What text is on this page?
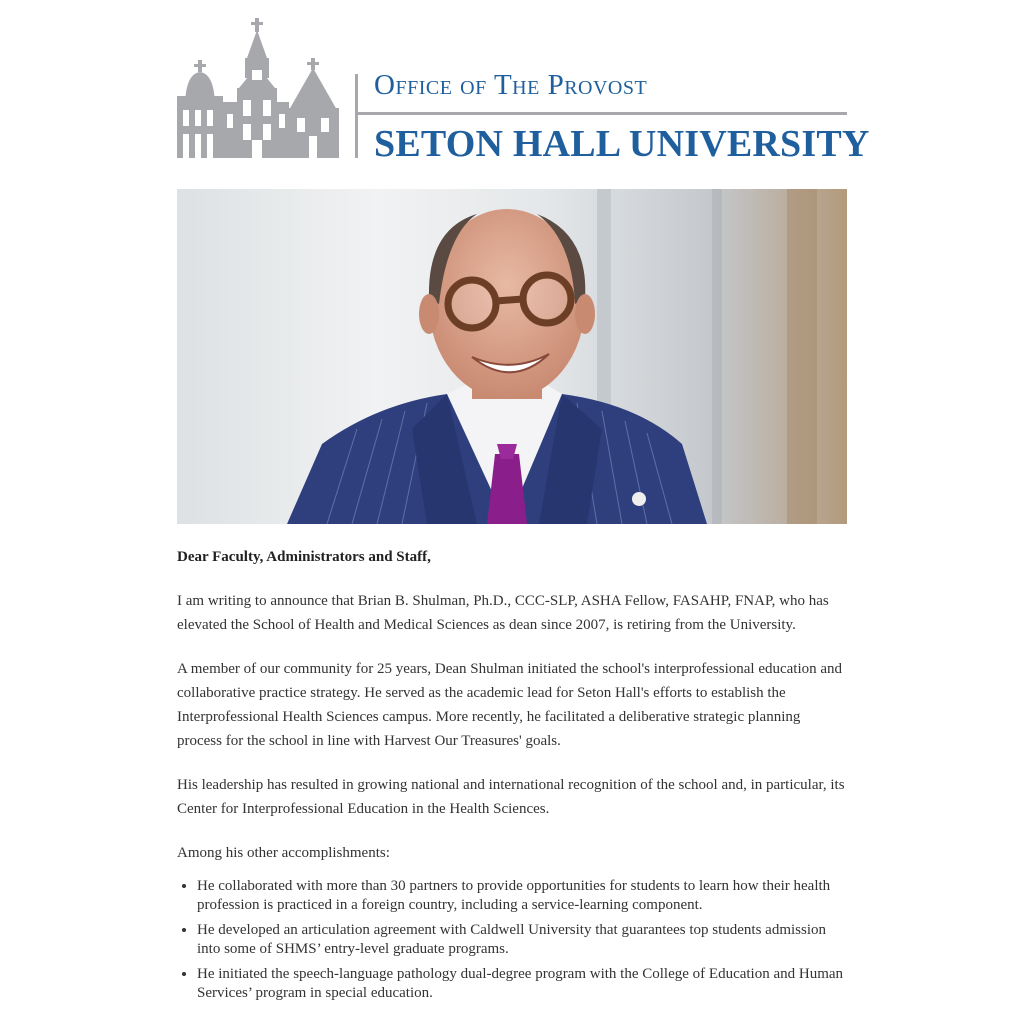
Office of The Provost
SETON HALL UNIVERSITY

Dear Faculty, Administrators and Staff,

I am writing to announce that Brian B. Shulman, Ph.D., CCC-SLP, ASHA Fellow, FASAHP, FNAP, who has elevated the School of Health and Medical Sciences as dean since 2007, is retiring from the University.

A member of our community for 25 years, Dean Shulman initiated the school's interprofessional education and collaborative practice strategy. He served as the academic lead for Seton Hall's efforts to establish the Interprofessional Health Sciences campus. More recently, he facilitated a deliberative strategic planning process for the school in line with Harvest Our Treasures' goals.

His leadership has resulted in growing national and international recognition of the school and, in particular, its Center for Interprofessional Education in the Health Sciences.

Among his other accomplishments:

• He collaborated with more than 30 partners to provide opportunities for students to learn how their health profession is practiced in a foreign country, including a service-learning component.
• He developed an articulation agreement with Caldwell University that guarantees top students admission into some of SHMS’ entry-level graduate programs.
• He initiated the speech-language pathology dual-degree program with the College of Education and Human Services’ program in special education.
